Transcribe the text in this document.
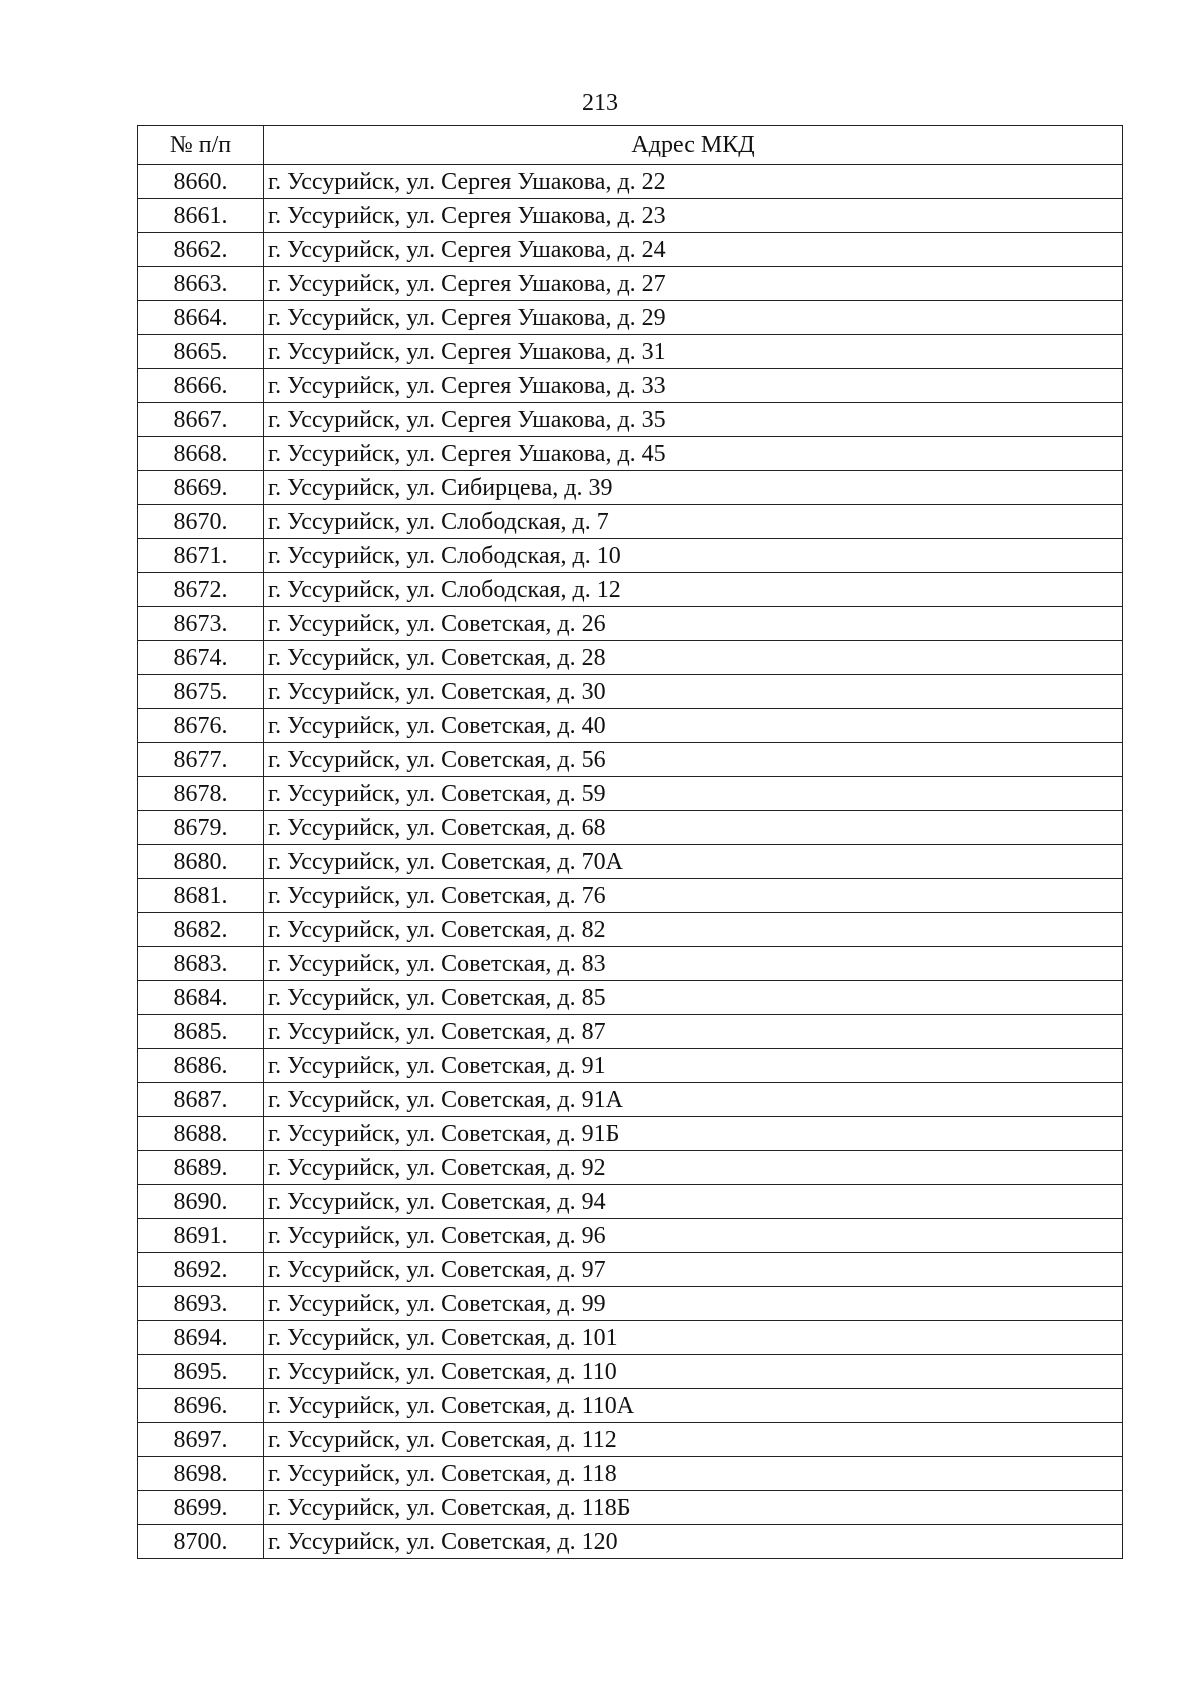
213
№ п/п	Адрес МКД
8660.	г. Уссурийск, ул. Сергея Ушакова, д. 22
8661.	г. Уссурийск, ул. Сергея Ушакова, д. 23
8662.	г. Уссурийск, ул. Сергея Ушакова, д. 24
8663.	г. Уссурийск, ул. Сергея Ушакова, д. 27
8664.	г. Уссурийск, ул. Сергея Ушакова, д. 29
8665.	г. Уссурийск, ул. Сергея Ушакова, д. 31
8666.	г. Уссурийск, ул. Сергея Ушакова, д. 33
8667.	г. Уссурийск, ул. Сергея Ушакова, д. 35
8668.	г. Уссурийск, ул. Сергея Ушакова, д. 45
8669.	г. Уссурийск, ул. Сибирцева, д. 39
8670.	г. Уссурийск, ул. Слободская, д. 7
8671.	г. Уссурийск, ул. Слободская, д. 10
8672.	г. Уссурийск, ул. Слободская, д. 12
8673.	г. Уссурийск, ул. Советская, д. 26
8674.	г. Уссурийск, ул. Советская, д. 28
8675.	г. Уссурийск, ул. Советская, д. 30
8676.	г. Уссурийск, ул. Советская, д. 40
8677.	г. Уссурийск, ул. Советская, д. 56
8678.	г. Уссурийск, ул. Советская, д. 59
8679.	г. Уссурийск, ул. Советская, д. 68
8680.	г. Уссурийск, ул. Советская, д. 70А
8681.	г. Уссурийск, ул. Советская, д. 76
8682.	г. Уссурийск, ул. Советская, д. 82
8683.	г. Уссурийск, ул. Советская, д. 83
8684.	г. Уссурийск, ул. Советская, д. 85
8685.	г. Уссурийск, ул. Советская, д. 87
8686.	г. Уссурийск, ул. Советская, д. 91
8687.	г. Уссурийск, ул. Советская, д. 91А
8688.	г. Уссурийск, ул. Советская, д. 91Б
8689.	г. Уссурийск, ул. Советская, д. 92
8690.	г. Уссурийск, ул. Советская, д. 94
8691.	г. Уссурийск, ул. Советская, д. 96
8692.	г. Уссурийск, ул. Советская, д. 97
8693.	г. Уссурийск, ул. Советская, д. 99
8694.	г. Уссурийск, ул. Советская, д. 101
8695.	г. Уссурийск, ул. Советская, д. 110
8696.	г. Уссурийск, ул. Советская, д. 110А
8697.	г. Уссурийск, ул. Советская, д. 112
8698.	г. Уссурийск, ул. Советская, д. 118
8699.	г. Уссурийск, ул. Советская, д. 118Б
8700.	г. Уссурийск, ул. Советская, д. 120
